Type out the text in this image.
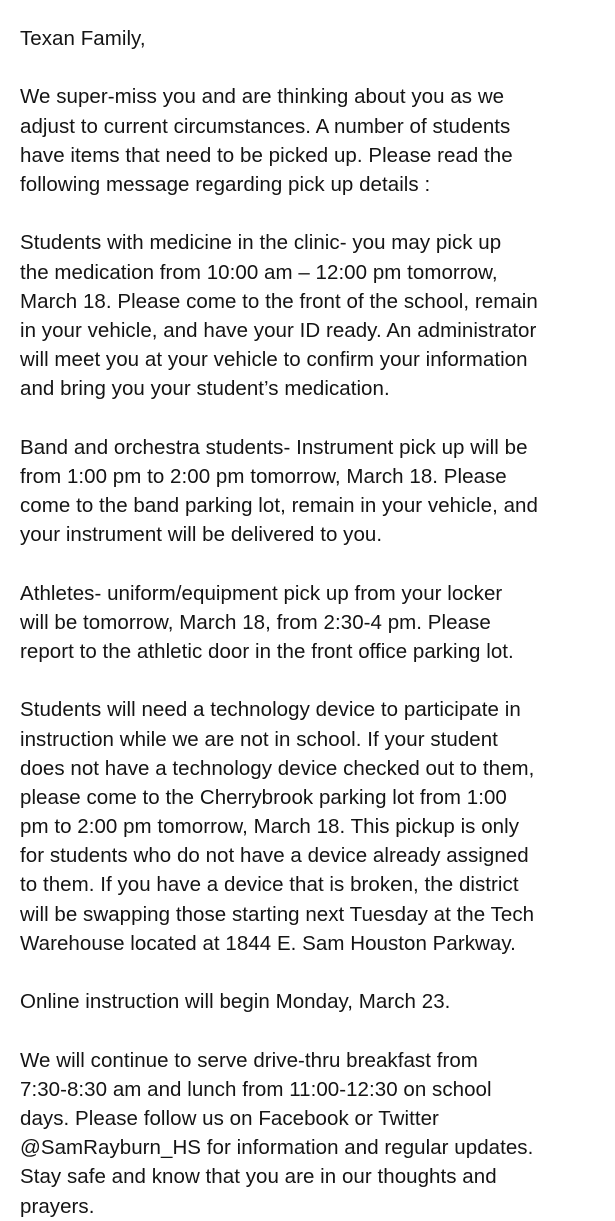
Texan Family,

We super-miss you and are thinking about you as we
adjust to current circumstances. A number of students
have items that need to be picked up. Please read the
following message regarding pick up details :

Students with medicine in the clinic- you may pick up
the medication from 10:00 am – 12:00 pm tomorrow,
March 18. Please come to the front of the school, remain
in your vehicle, and have your ID ready. An administrator
will meet you at your vehicle to confirm your information
and bring you your student’s medication.

Band and orchestra students- Instrument pick up will be
from 1:00 pm to 2:00 pm tomorrow, March 18. Please
come to the band parking lot, remain in your vehicle, and
your instrument will be delivered to you.

Athletes- uniform/equipment pick up from your locker
will be tomorrow, March 18, from 2:30-4 pm. Please
report to the athletic door in the front office parking lot.

Students will need a technology device to participate in
instruction while we are not in school. If your student
does not have a technology device checked out to them,
please come to the Cherrybrook parking lot from 1:00
pm to 2:00 pm tomorrow, March 18. This pickup is only
for students who do not have a device already assigned
to them. If you have a device that is broken, the district
will be swapping those starting next Tuesday at the Tech
Warehouse located at 1844 E. Sam Houston Parkway.

Online instruction will begin Monday, March 23.

We will continue to serve drive-thru breakfast from
7:30-8:30 am and lunch from 11:00-12:30 on school
days. Please follow us on Facebook or Twitter
@SamRayburn_HS for information and regular updates.
Stay safe and know that you are in our thoughts and
prayers.
